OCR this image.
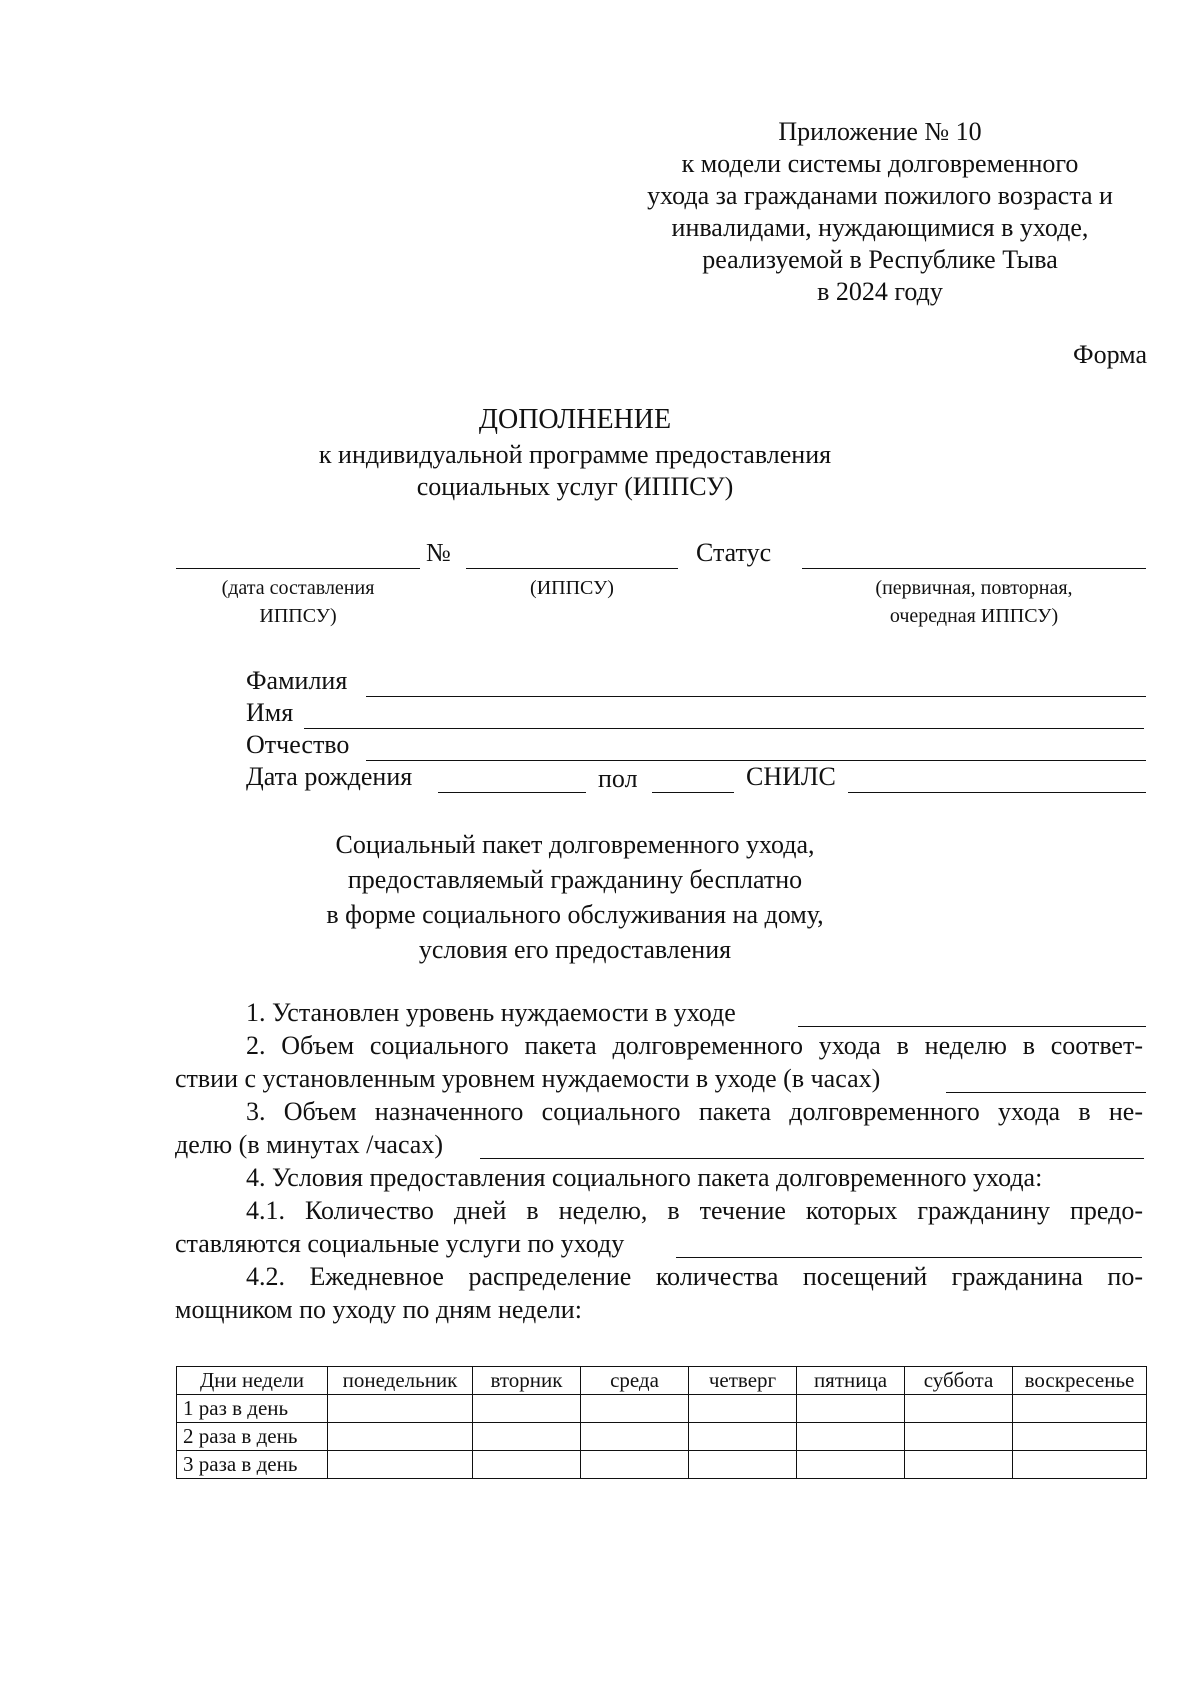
Приложение № 10
к модели системы долговременного
ухода за гражданами пожилого возраста и
инвалидами, нуждающимися в уходе,
реализуемой в Республике Тыва
в 2024 году
Форма
ДОПОЛНЕНИЕ
к индивидуальной программе предоставления
социальных услуг (ИППСУ)
№	Статус
(дата составления
ИППСУ)
(ИППСУ)	(первичная, повторная,
очередная ИППСУ)
Фамилия
Имя
Отчество
Дата рождения	пол	СНИЛС
Социальный пакет долговременного ухода,
предоставляемый гражданину бесплатно
в форме социального обслуживания на дому,
условия его предоставления
1. Установлен уровень нуждаемости в уходе
2. Объем социального пакета долговременного ухода в неделю в соответ-
ствии с установленным уровнем нуждаемости в уходе (в часах)
3. Объем назначенного социального пакета долговременного ухода в не-
делю (в минутах /часах)
4. Условия предоставления социального пакета долговременного ухода:
4.1. Количество дней в неделю, в течение которых гражданину предо-
ставляются социальные услуги по уходу
4.2. Ежедневное распределение количества посещений гражданина по-
мощником по уходу по дням недели:
Дни недели	понедельник	вторник	среда	четверг	пятница	суббота	воскресенье
1 раз в день							
2 раза в день							
3 раза в день							
